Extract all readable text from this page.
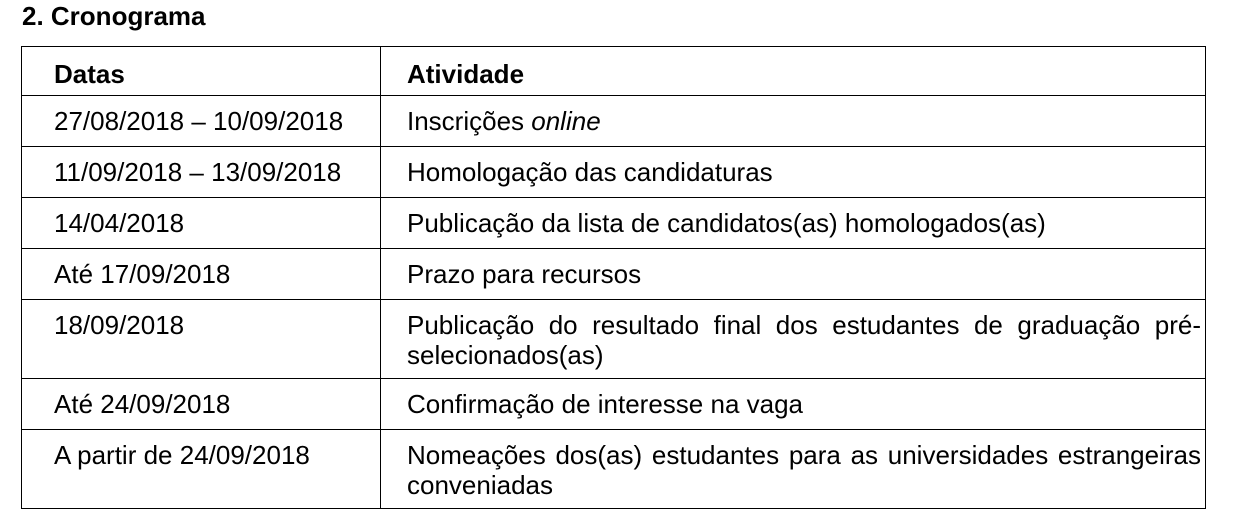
2. Cronograma
Datas	Atividade
27/08/2018 – 10/09/2018	Inscrições online
11/09/2018 – 13/09/2018	Homologação das candidaturas
14/04/2018	Publicação da lista de candidatos(as) homologados(as)
Até 17/09/2018	Prazo para recursos
18/09/2018	Publicação do resultado final dos estudantes de graduação pré-selecionados(as)
Até 24/09/2018	Confirmação de interesse na vaga
A partir de 24/09/2018	Nomeações dos(as) estudantes para as universidades estrangeiras conveniadas
